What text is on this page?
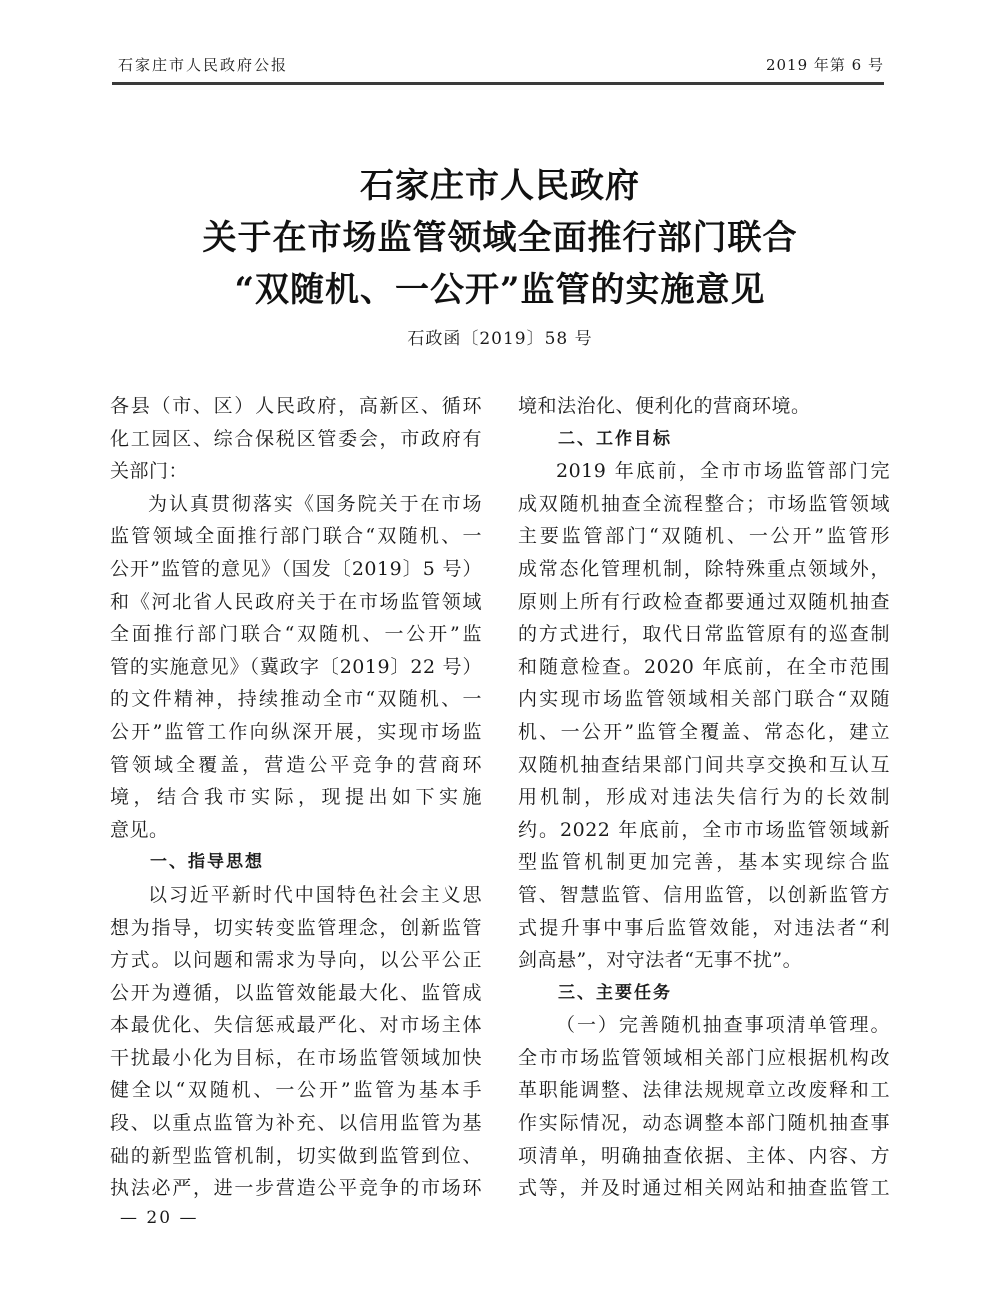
石家庄市人民政府公报	2019 年第 6 号
石家庄市人民政府
关于在市场监管领域全面推行部门联合
“双随机、一公开”监管的实施意见
石政函〔2019〕58 号
各县（市、区）人民政府，高新区、循环
化工园区、综合保税区管委会，市政府有
关部门：
为认真贯彻落实《国务院关于在市场
监管领域全面推行部门联合“双随机、一
公开”监管的意见》（国发〔2019〕5 号）
和《河北省人民政府关于在市场监管领域
全面推行部门联合“双随机、一公开”监
管的实施意见》（冀政字〔2019〕22 号）
的文件精神，持续推动全市“双随机、一
公开”监管工作向纵深开展，实现市场监
管领域全覆盖，营造公平竞争的营商环
境，结合我市实际，现提出如下实施
意见。
一、指导思想
以习近平新时代中国特色社会主义思
想为指导，切实转变监管理念，创新监管
方式。以问题和需求为导向，以公平公正
公开为遵循，以监管效能最大化、监管成
本最优化、失信惩戒最严化、对市场主体
干扰最小化为目标，在市场监管领域加快
健全以“双随机、一公开”监管为基本手
段、以重点监管为补充、以信用监管为基
础的新型监管机制，切实做到监管到位、
执法必严，进一步营造公平竞争的市场环
境和法治化、便利化的营商环境。
二、工作目标
2019 年底前，全市市场监管部门完
成双随机抽查全流程整合；市场监管领域
主要监管部门“双随机、一公开”监管形
成常态化管理机制，除特殊重点领域外，
原则上所有行政检查都要通过双随机抽查
的方式进行，取代日常监管原有的巡查制
和随意检查。2020 年底前，在全市范围
内实现市场监管领域相关部门联合“双随
机、一公开”监管全覆盖、常态化，建立
双随机抽查结果部门间共享交换和互认互
用机制，形成对违法失信行为的长效制
约。2022 年底前，全市市场监管领域新
型监管机制更加完善，基本实现综合监
管、智慧监管、信用监管，以创新监管方
式提升事中事后监管效能，对违法者“利
剑高悬”，对守法者“无事不扰”。
三、主要任务
（一）完善随机抽查事项清单管理。
全市市场监管领域相关部门应根据机构改
革职能调整、法律法规规章立改废释和工
作实际情况，动态调整本部门随机抽查事
项清单，明确抽查依据、主体、内容、方
式等，并及时通过相关网站和抽查监管工
— 20 —
